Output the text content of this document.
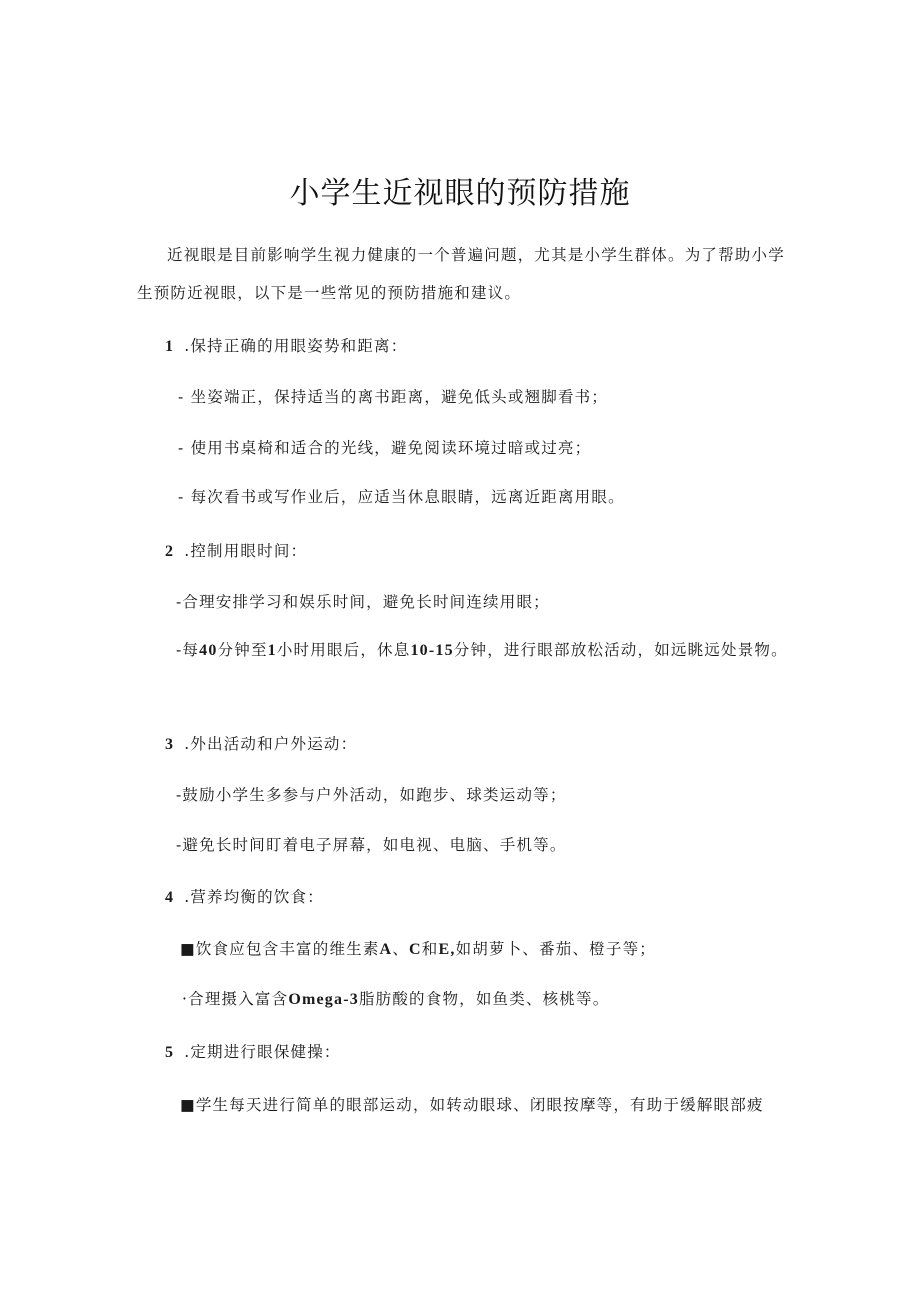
小学生近视眼的预防措施
近视眼是目前影响学生视力健康的一个普遍问题，尤其是小学生群体。为了帮助小学生预防近视眼，以下是一些常见的预防措施和建议。
1 .保持正确的用眼姿势和距离：
- 坐姿端正，保持适当的离书距离，避免低头或翘脚看书；
- 使用书桌椅和适合的光线，避免阅读环境过暗或过亮；
- 每次看书或写作业后，应适当休息眼睛，远离近距离用眼。
2 .控制用眼时间：
-合理安排学习和娱乐时间，避免长时间连续用眼；
-每40分钟至1小时用眼后，休息10-15分钟，进行眼部放松活动，如远眺远处景物。
3 .外出活动和户外运动：
-鼓励小学生多参与户外活动，如跑步、球类运动等；
-避免长时间盯着电子屏幕，如电视、电脑、手机等。
4 .营养均衡的饮食：
■饮食应包含丰富的维生素A、C和E,如胡萝卜、番茄、橙子等；
·合理摄入富含Omega-3脂肪酸的食物，如鱼类、核桃等。
5 .定期进行眼保健操：
■学生每天进行简单的眼部运动，如转动眼球、闭眼按摩等，有助于缓解眼部疲
